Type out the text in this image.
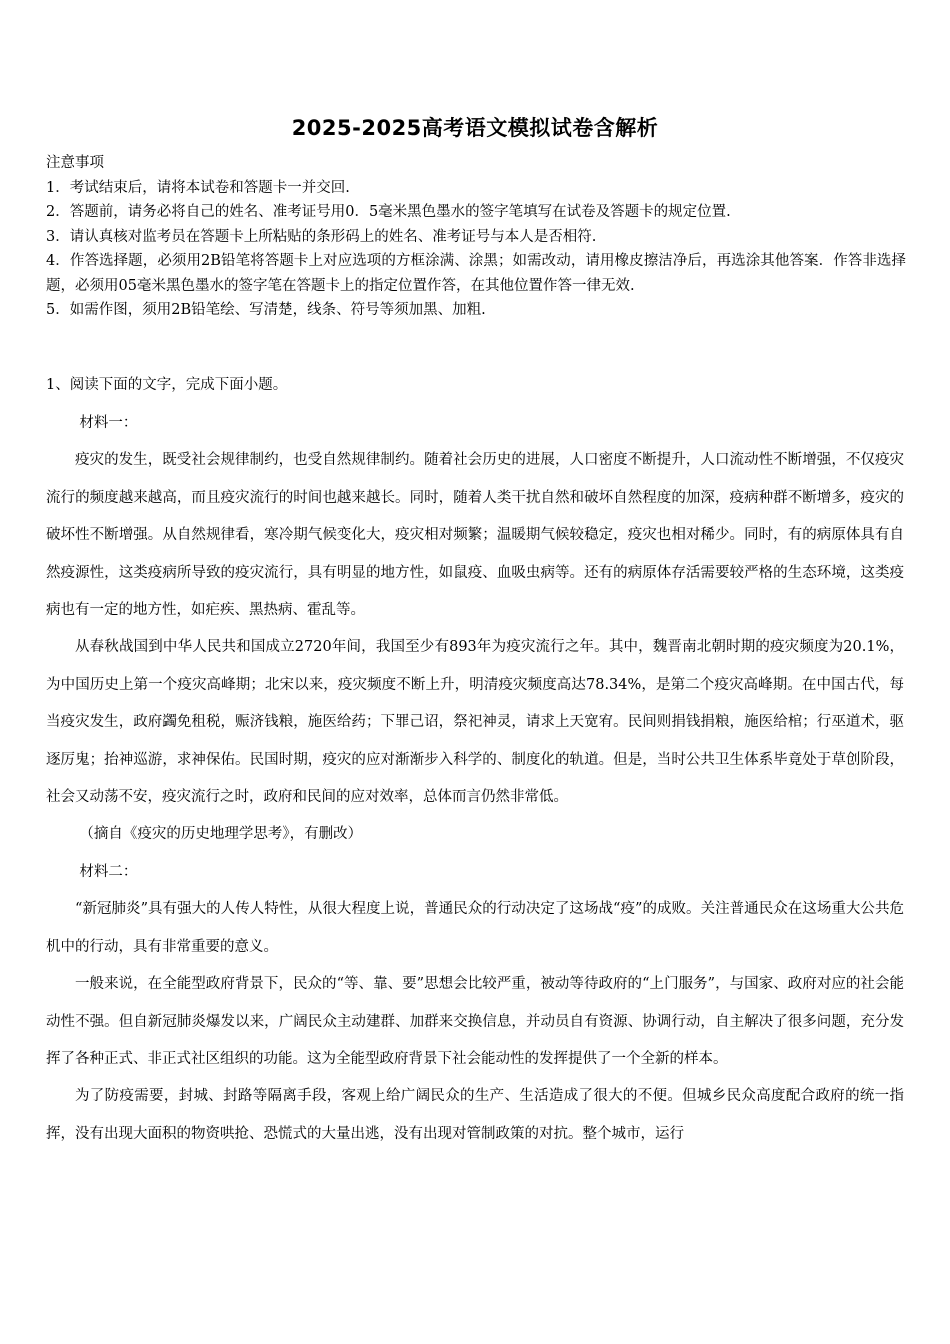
2025-2025高考语文模拟试卷含解析
注意事项
1．考试结束后，请将本试卷和答题卡一并交回.
2．答题前，请务必将自己的姓名、准考证号用0．5毫米黑色墨水的签字笔填写在试卷及答题卡的规定位置.
3．请认真核对监考员在答题卡上所粘贴的条形码上的姓名、准考证号与本人是否相符.
4．作答选择题，必须用2B铅笔将答题卡上对应选项的方框涂满、涂黑；如需改动，请用橡皮擦洁净后，再选涂其他答案．作答非选择题，必须用05毫米黑色墨水的签字笔在答题卡上的指定位置作答，在其他位置作答一律无效.
5．如需作图，须用2B铅笔绘、写清楚，线条、符号等须加黑、加粗.
1、阅读下面的文字，完成下面小题。

材料一：

疫灾的发生，既受社会规律制约，也受自然规律制约。随着社会历史的进展，人口密度不断提升，人口流动性不断增强，不仅疫灾流行的频度越来越高，而且疫灾流行的时间也越来越长。同时，随着人类干扰自然和破坏自然程度的加深，疫病种群不断增多，疫灾的破坏性不断增强。从自然规律看，寒冷期气候变化大，疫灾相对频繁；温暖期气候较稳定，疫灾也相对稀少。同时，有的病原体具有自然疫源性，这类疫病所导致的疫灾流行，具有明显的地方性，如鼠疫、血吸虫病等。还有的病原体存活需要较严格的生态环境，这类疫病也有一定的地方性，如疟疾、黑热病、霍乱等。

从春秋战国到中华人民共和国成立2720年间，我国至少有893年为疫灾流行之年。其中，魏晋南北朝时期的疫灾频度为20.1%，为中国历史上第一个疫灾高峰期；北宋以来，疫灾频度不断上升，明清疫灾频度高达78.34%，是第二个疫灾高峰期。在中国古代，每当疫灾发生，政府蠲免租税，赈济钱粮，施医给药；下罪己诏，祭祀神灵，请求上天宽宥。民间则捐钱捐粮，施医给棺；行巫道术，驱逐厉鬼；抬神巡游，求神保佑。民国时期，疫灾的应对渐渐步入科学的、制度化的轨道。但是，当时公共卫生体系毕竟处于草创阶段，社会又动荡不安，疫灾流行之时，政府和民间的应对效率，总体而言仍然非常低。

（摘自《疫灾的历史地理学思考》，有删改）

材料二：

“新冠肺炎”具有强大的人传人特性，从很大程度上说，普通民众的行动决定了这场战“疫”的成败。关注普通民众在这场重大公共危机中的行动，具有非常重要的意义。

一般来说，在全能型政府背景下，民众的“等、靠、要”思想会比较严重，被动等待政府的“上门服务”，与国家、政府对应的社会能动性不强。但自新冠肺炎爆发以来，广阔民众主动建群、加群来交换信息，并动员自有资源、协调行动，自主解决了很多问题，充分发挥了各种正式、非正式社区组织的功能。这为全能型政府背景下社会能动性的发挥提供了一个全新的样本。

为了防疫需要，封城、封路等隔离手段，客观上给广阔民众的生产、生活造成了很大的不便。但城乡民众高度配合政府的统一指挥，没有出现大面积的物资哄抢、恐慌式的大量出逃，没有出现对管制政策的对抗。整个城市，运行
